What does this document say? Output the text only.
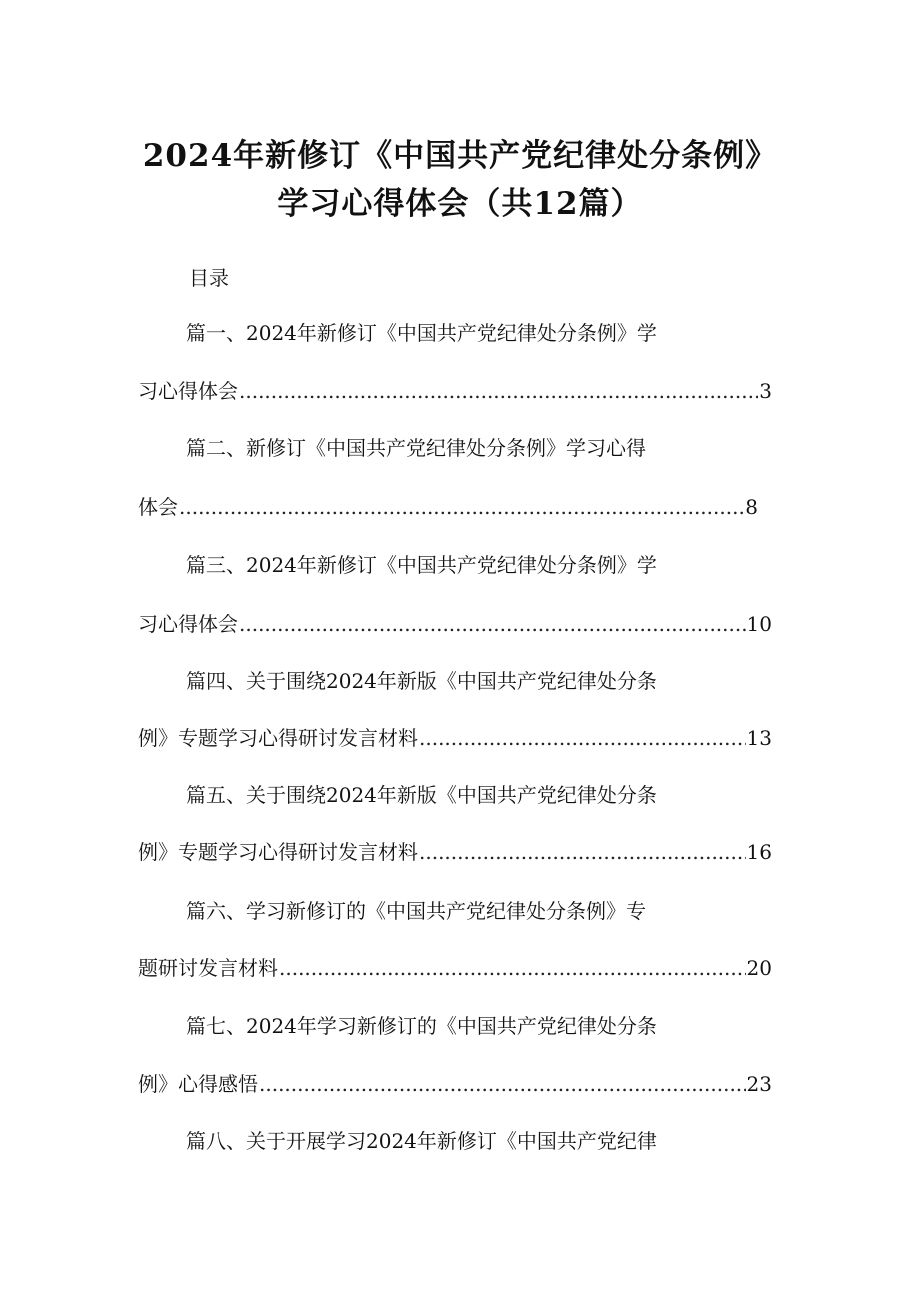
2024年新修订《中国共产党纪律处分条例》
学习心得体会（共12篇）
目录
篇一、2024年新修订《中国共产党纪律处分条例》学
习心得体会 .....	3
篇二、新修订《中国共产党纪律处分条例》学习心得
体会 .....	8
篇三、2024年新修订《中国共产党纪律处分条例》学
习心得体会 .....	10
篇四、关于围绕2024年新版《中国共产党纪律处分条
例》专题学习心得研讨发言材料 .....	13
篇五、关于围绕2024年新版《中国共产党纪律处分条
例》专题学习心得研讨发言材料 .....	16
篇六、学习新修订的《中国共产党纪律处分条例》专
题研讨发言材料 .....	20
篇七、2024年学习新修订的《中国共产党纪律处分条
例》心得感悟 .....	23
篇八、关于开展学习2024年新修订《中国共产党纪律
